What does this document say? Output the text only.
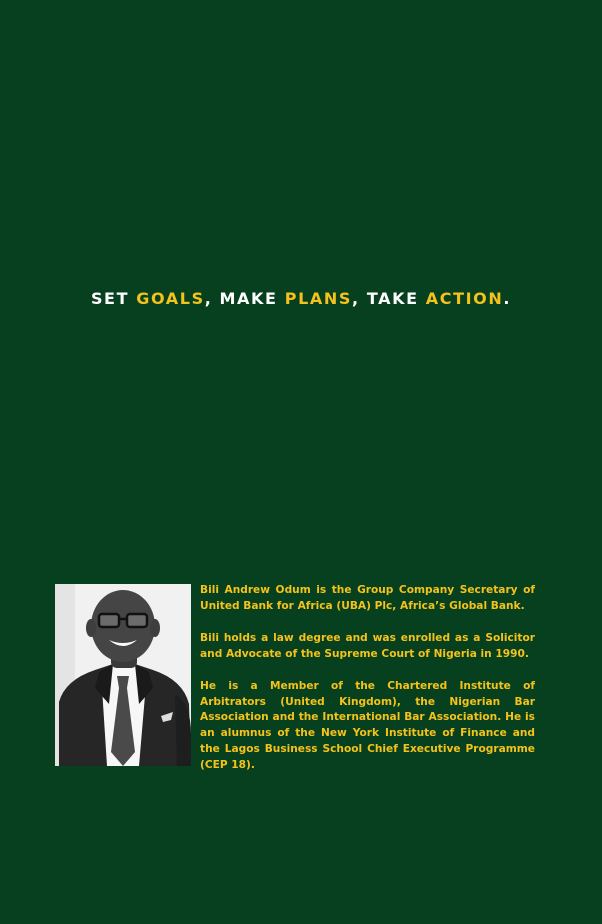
SET GOALS, MAKE PLANS, TAKE ACTION.

Bili Andrew Odum is the Group Company Secretary of United Bank for Africa (UBA) Plc, Africa’s Global Bank.

Bili holds a law degree and was enrolled as a Solicitor and Advocate of the Supreme Court of Nigeria in 1990.

He is a Member of the Chartered Institute of Arbitrators (United Kingdom), the Nigerian Bar Association and the International Bar Association. He is an alumnus of the New York Institute of Finance and the Lagos Business School Chief Executive Programme (CEP 18).
